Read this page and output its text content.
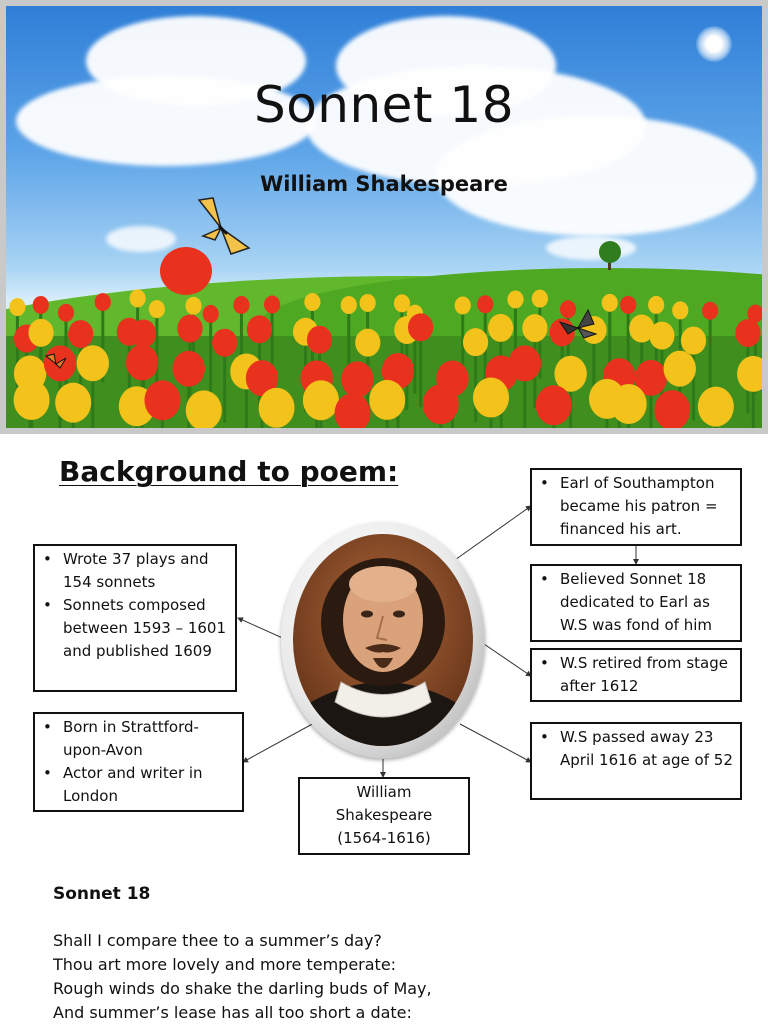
Sonnet 18
William Shakespeare
Background to poem:
• Wrote 37 plays and 154 sonnets
• Sonnets composed between 1593 – 1601 and published 1609
• Born in Strattford-upon-Avon
• Actor and writer in London
• Earl of Southampton became his patron = financed his art.
• Believed Sonnet 18 dedicated to Earl as W.S was fond of him
• W.S retired from stage after 1612
• W.S passed away 23 April 1616 at age of 52
William
Shakespeare
(1564-1616)
Sonnet 18
Shall I compare thee to a summer’s day?
Thou art more lovely and more temperate:
Rough winds do shake the darling buds of May,
And summer’s lease has all too short a date:
